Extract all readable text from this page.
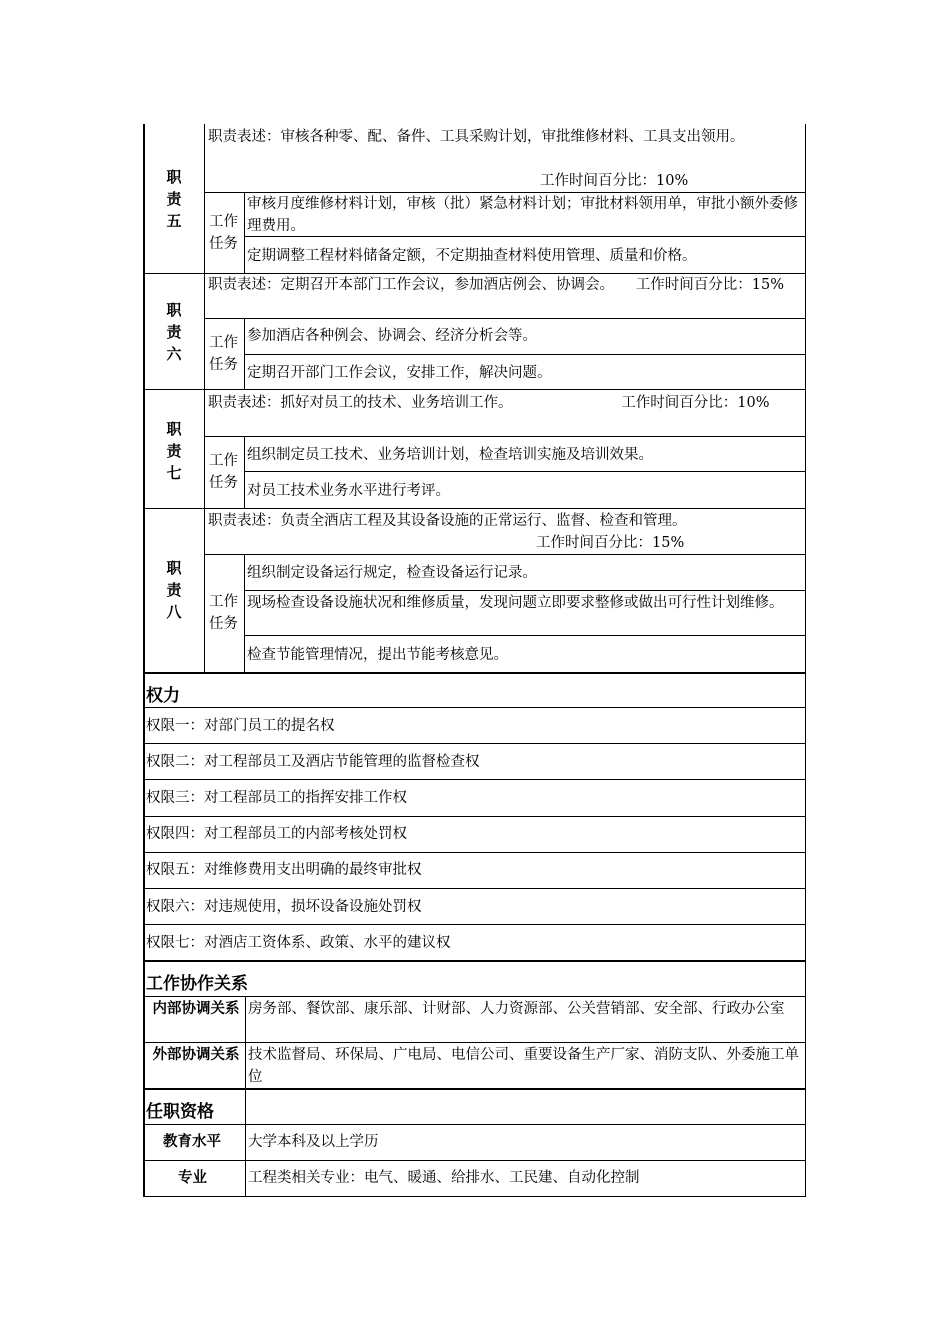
职责五
职责表述：审核各种零、配、备件、工具采购计划，审批维修材料、工具支出领用。
工作时间百分比：10%
工作任务
审核月度维修材料计划，审核（批）紧急材料计划；审批材料领用单，审批小额外委修理费用。
定期调整工程材料储备定额，不定期抽查材料使用管理、质量和价格。
职责六
职责表述：定期召开本部门工作会议，参加酒店例会、协调会。　　工作时间百分比：15%
工作任务
参加酒店各种例会、协调会、经济分析会等。
定期召开部门工作会议，安排工作，解决问题。
职责七
职责表述：抓好对员工的技术、业务培训工作。　　　　　　　　工作时间百分比：10%
工作任务
组织制定员工技术、业务培训计划，检查培训实施及培训效果。
对员工技术业务水平进行考评。
职责八
职责表述：负责全酒店工程及其设备设施的正常运行、监督、检查和管理。
工作时间百分比：15%
工作任务
组织制定设备运行规定，检查设备运行记录。
现场检查设备设施状况和维修质量，发现问题立即要求整修或做出可行性计划维修。
检查节能管理情况，提出节能考核意见。
权力
权限一：对部门员工的提名权
权限二：对工程部员工及酒店节能管理的监督检查权
权限三：对工程部员工的指挥安排工作权
权限四：对工程部员工的内部考核处罚权
权限五：对维修费用支出明确的最终审批权
权限六：对违规使用，损坏设备设施处罚权
权限七：对酒店工资体系、政策、水平的建议权
工作协作关系
内部协调关系 房务部、餐饮部、康乐部、计财部、人力资源部、公关营销部、安全部、行政办公室
外部协调关系 技术监督局、环保局、广电局、电信公司、重要设备生产厂家、消防支队、外委施工单位
任职资格
教育水平 大学本科及以上学历
专业	工程类相关专业：电气、暖通、给排水、工民建、自动化控制
